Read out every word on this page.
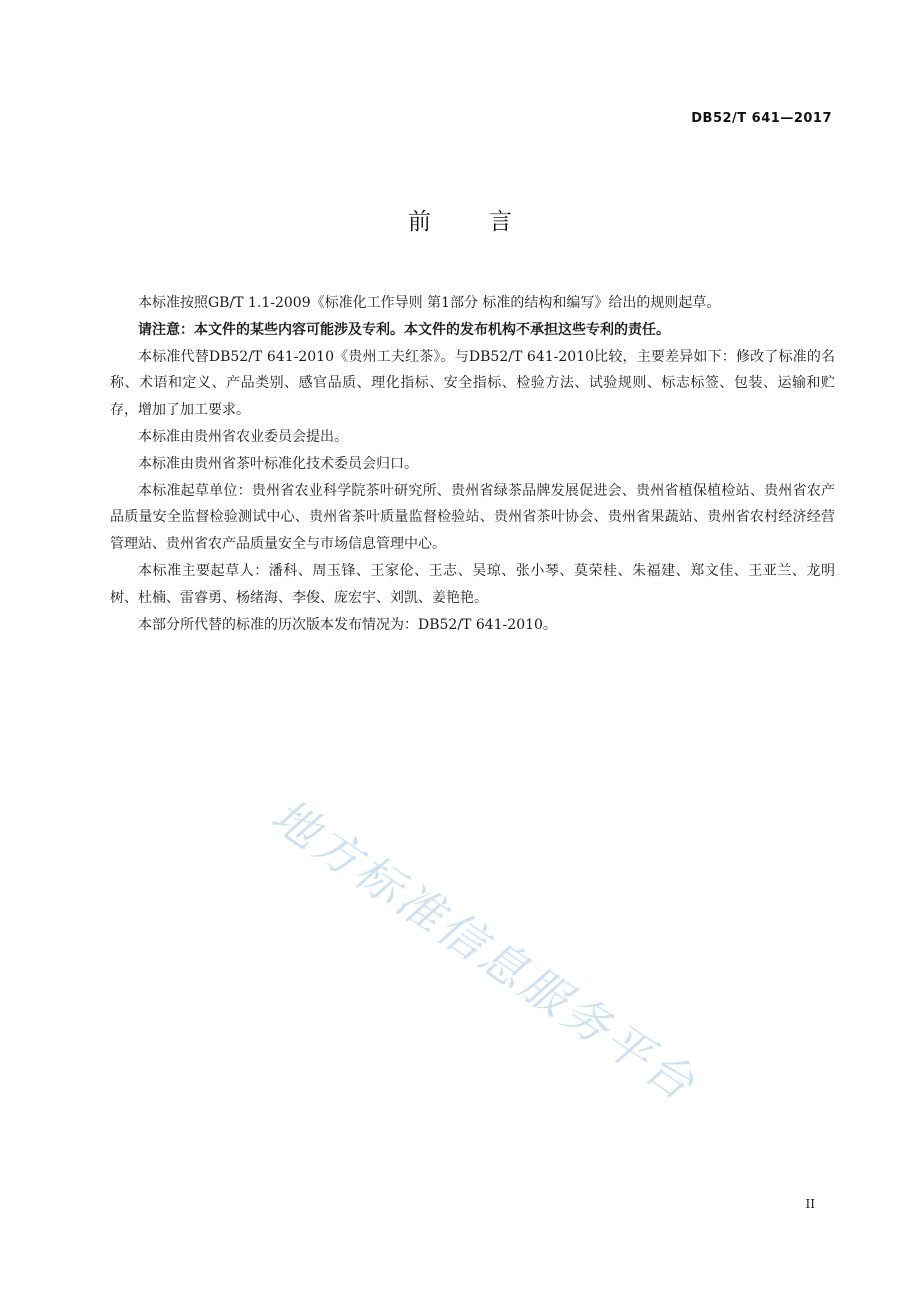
DB52/T 641—2017
前言

本标准按照GB/T 1.1-2009《标准化工作导则 第1部分 标准的结构和编写》给出的规则起草。

请注意：本文件的某些内容可能涉及专利。本文件的发布机构不承担这些专利的责任。

本标准代替DB52/T 641-2010《贵州工夫红茶》。与DB52/T 641-2010比较，主要差异如下：修改了标准的名称、术语和定义、产品类别、感官品质、理化指标、安全指标、检验方法、试验规则、标志标签、包装、运输和贮存，增加了加工要求。

本标准由贵州省农业委员会提出。

本标准由贵州省茶叶标准化技术委员会归口。

本标准起草单位：贵州省农业科学院茶叶研究所、贵州省绿茶品牌发展促进会、贵州省植保植检站、贵州省农产品质量安全监督检验测试中心、贵州省茶叶质量监督检验站、贵州省茶叶协会、贵州省果蔬站、贵州省农村经济经营管理站、贵州省农产品质量安全与市场信息管理中心。

本标准主要起草人：潘科、周玉锋、王家伦、王志、吴琼、张小琴、莫荣桂、朱福建、郑文佳、王亚兰、龙明树、杜楠、雷睿勇、杨绪海、李俊、庞宏宇、刘凯、姜艳艳。

本部分所代替的标准的历次版本发布情况为：DB52/T 641-2010。

地方标准信息服务平台
II
